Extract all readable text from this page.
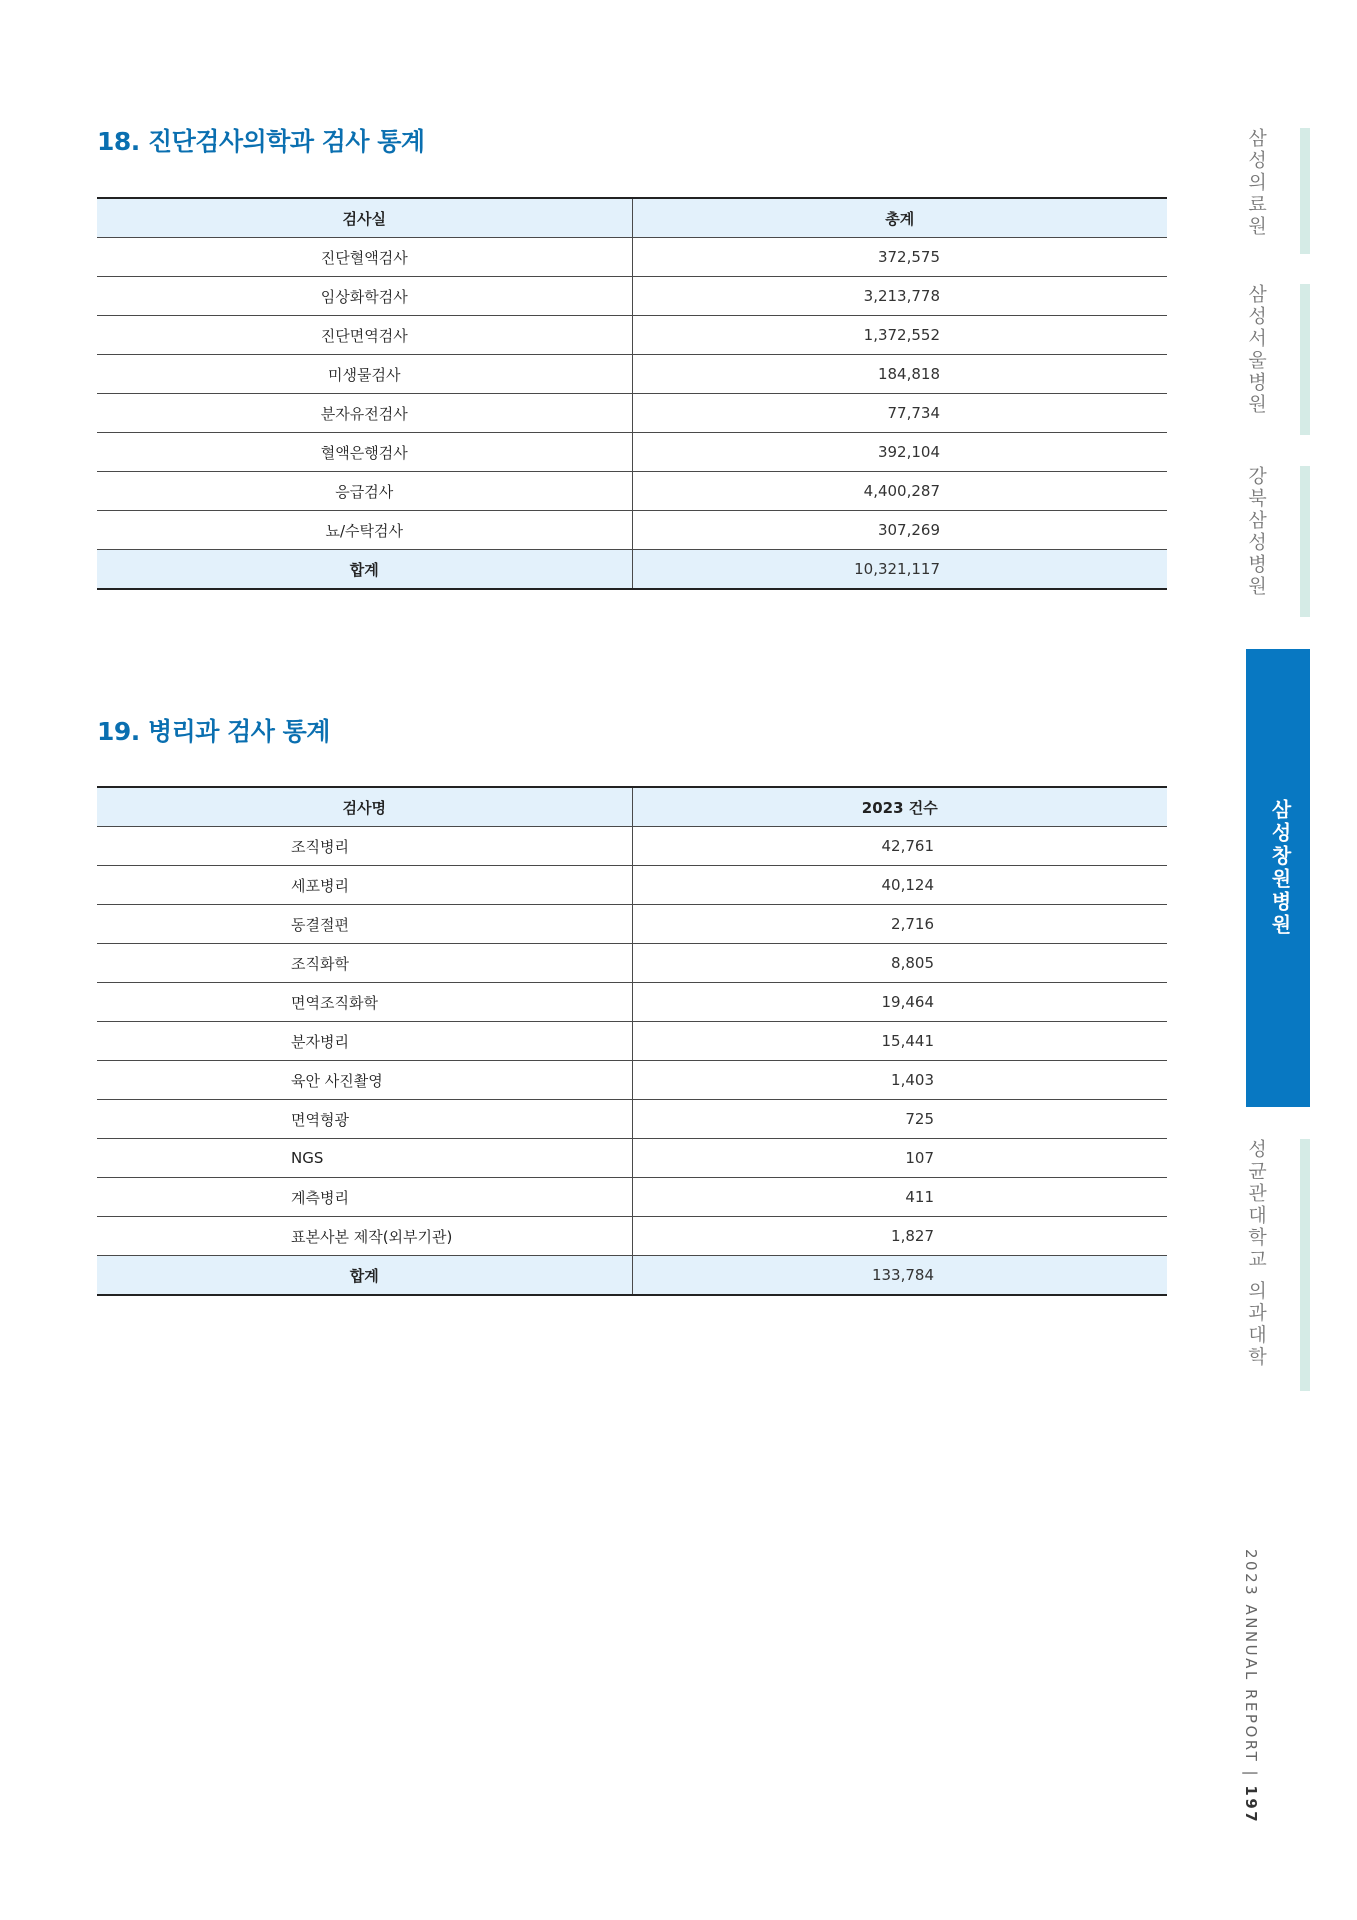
18. 진단검사의학과 검사 통계
검사실	총계
진단혈액검사	372,575
임상화학검사	3,213,778
진단면역검사	1,372,552
미생물검사	184,818
분자유전검사	77,734
혈액은행검사	392,104
응급검사	4,400,287
뇨/수탁검사	307,269
합계	10,321,117
19. 병리과 검사 통계
검사명	2023 건수
조직병리	42,761
세포병리	40,124
동결절편	2,716
조직화학	8,805
면역조직화학	19,464
분자병리	15,441
육안 사진촬영	1,403
면역형광	725
NGS	107
계측병리	411
표본사본 제작(외부기관)	1,827
합계	133,784
삼성의료원
삼성서울병원
강북삼성병원
삼성창원병원
성균관대학교 의과대학
2023 ANNUAL REPORT | 197
